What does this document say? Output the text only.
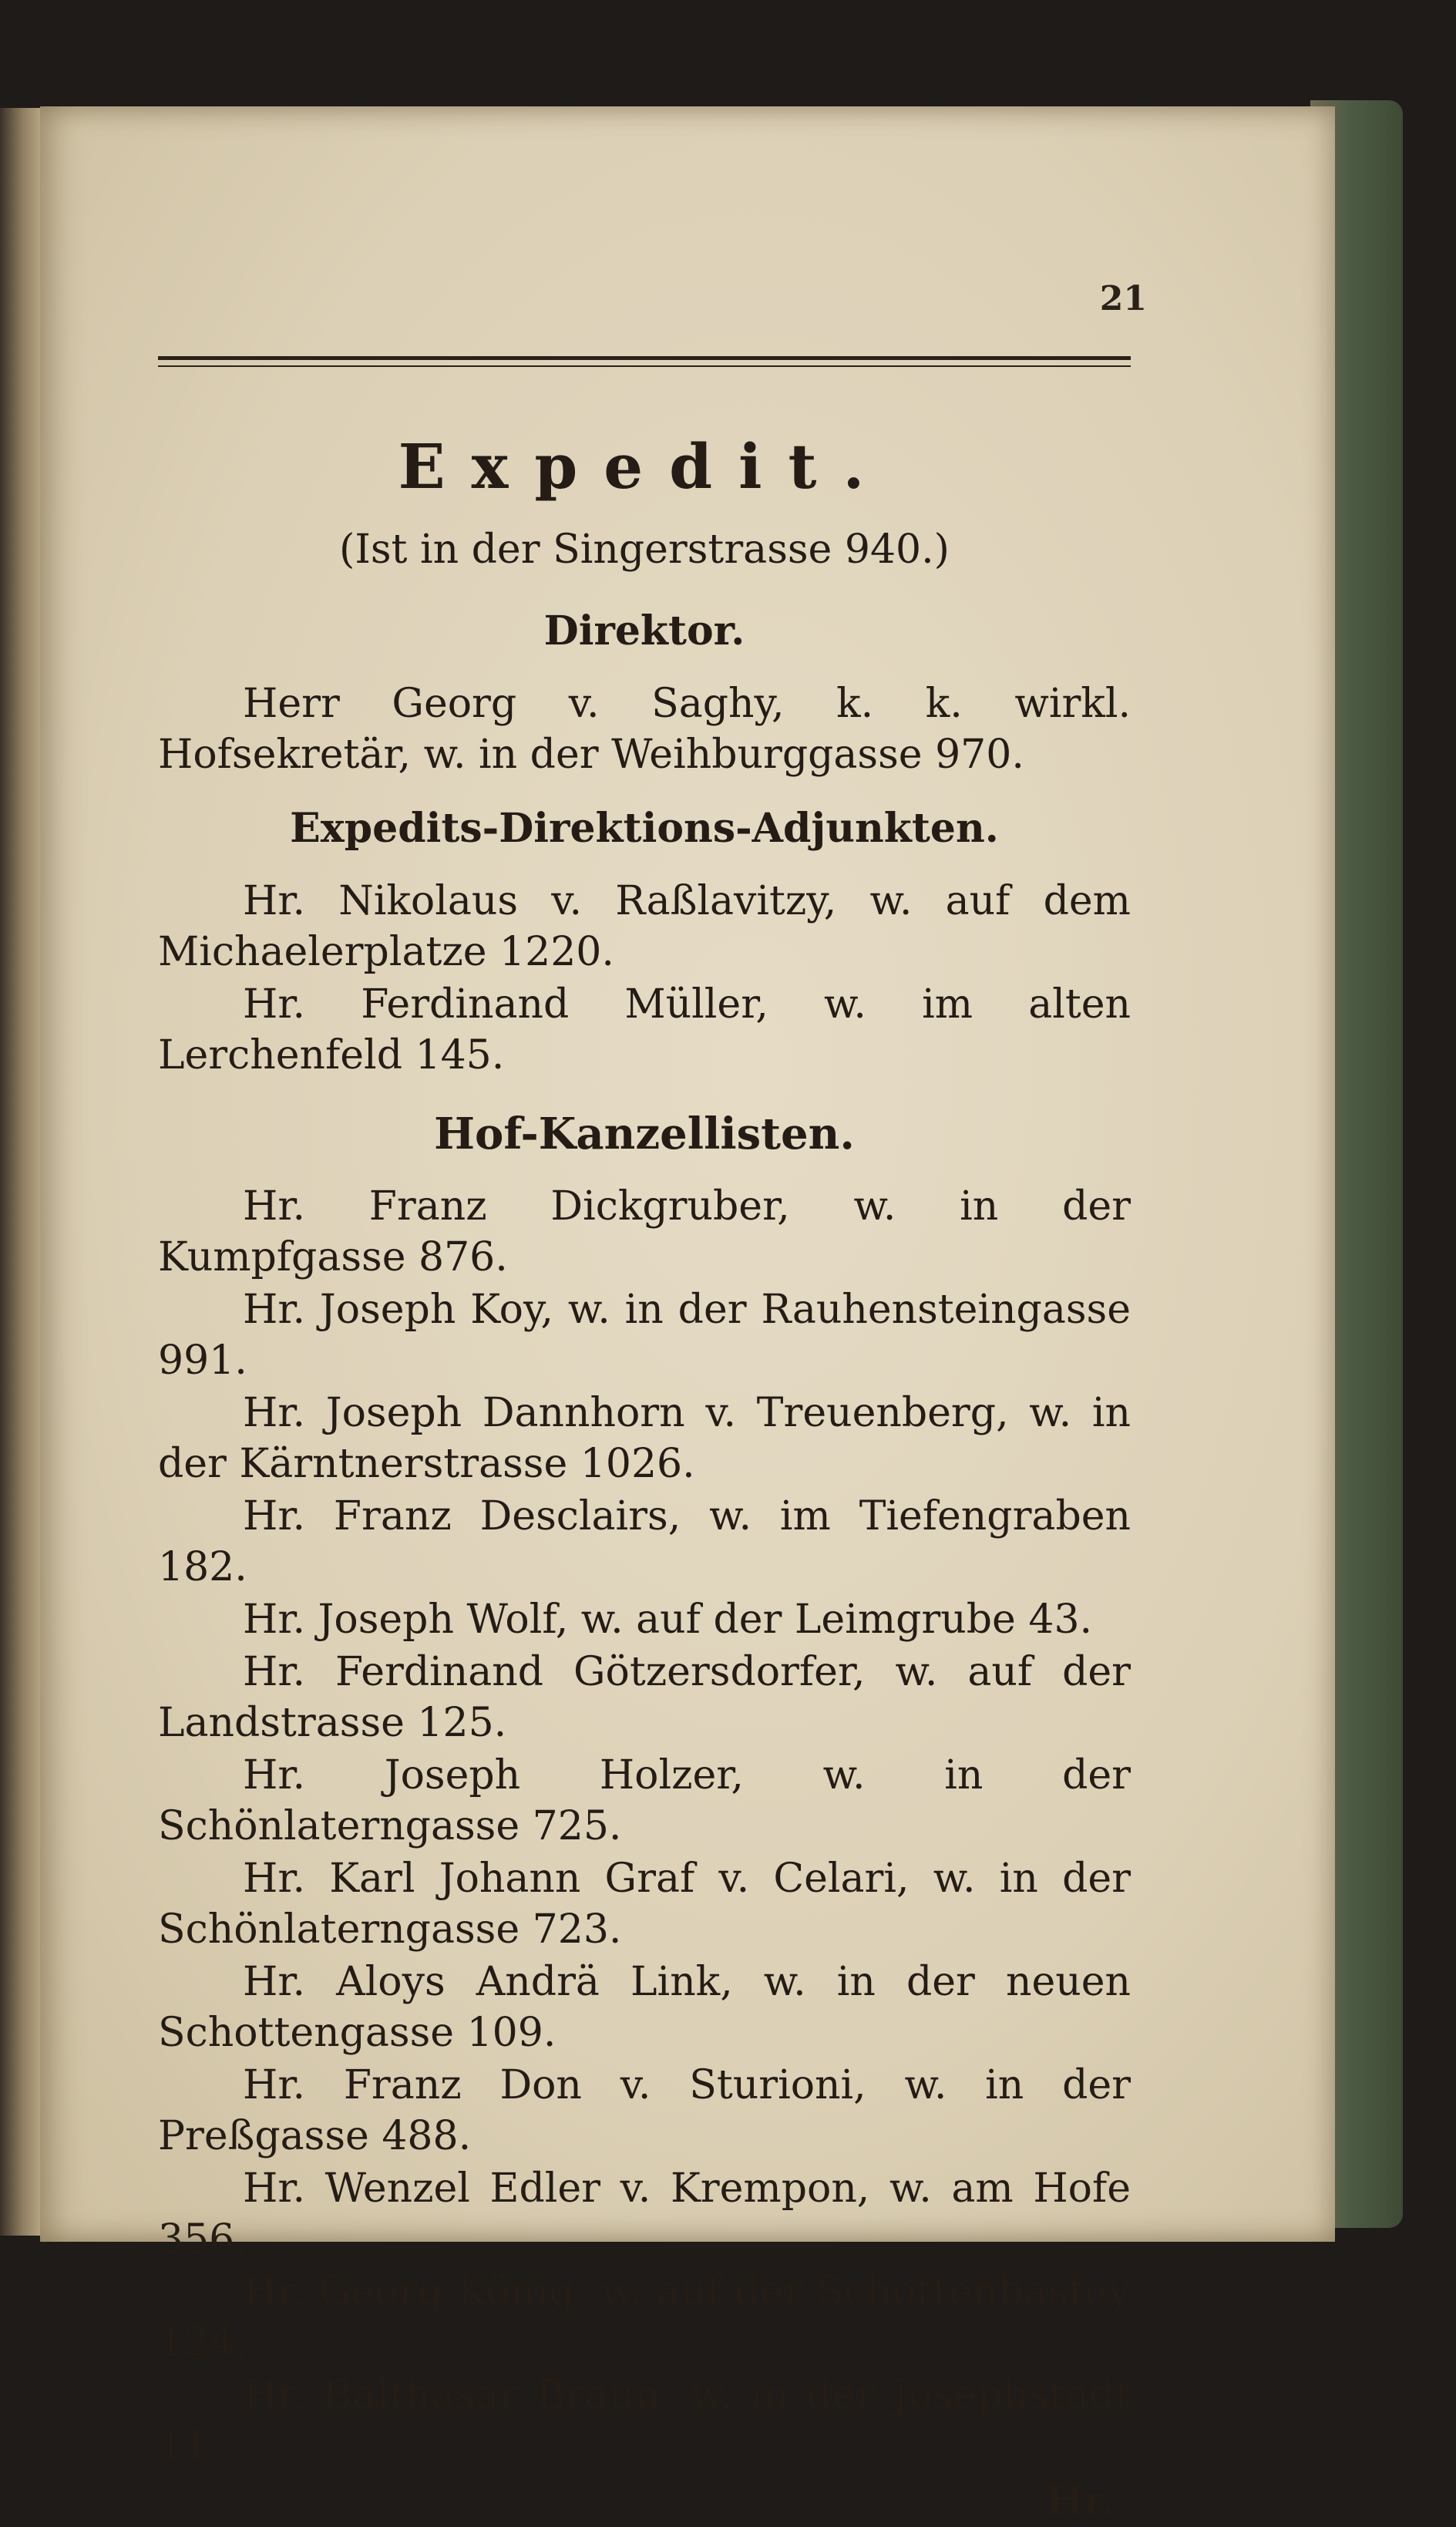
21
Expedit.
(Ist in der Singerstrasse 940.)
Direktor.

Herr Georg v. Saghy, k. k. wirkl. Hofsekretär, w. in der Weihburggasse 970.

Expedits-Direktions-Adjunkten.

Hr. Nikolaus v. Raßlavitzy, w. auf dem Michaelerplatze 1220.

Hr. Ferdinand Müller, w. im alten Lerchenfeld 145.

Hof-Kanzellisten.

Hr. Franz Dickgruber, w. in der Kumpfgasse 876.

Hr. Joseph Koy, w. in der Rauhensteingasse 991.

Hr. Joseph Dannhorn v. Treuenberg, w. in der Kärntnerstrasse 1026.

Hr. Franz Desclairs, w. im Tiefengraben 182.

Hr. Joseph Wolf, w. auf der Leimgrube 43.

Hr. Ferdinand Götzersdorfer, w. auf der Landstrasse 125.

Hr. Joseph Holzer, w. in der Schönlaterngasse 725.

Hr. Karl Johann Graf v. Celari, w. in der Schönlaterngasse 723.

Hr. Aloys Andrä Link, w. in der neuen Schottengasse 109.

Hr. Franz Don v. Sturioni, w. in der Preßgasse 488.

Hr. Wenzel Edler v. Krempon, w. am Hofe 356.

Hr. Georg König, w. auf der Schottenbastey 124.

Hr. Balthasar Braun, w. in der Josephstadt 11.

Hr.
